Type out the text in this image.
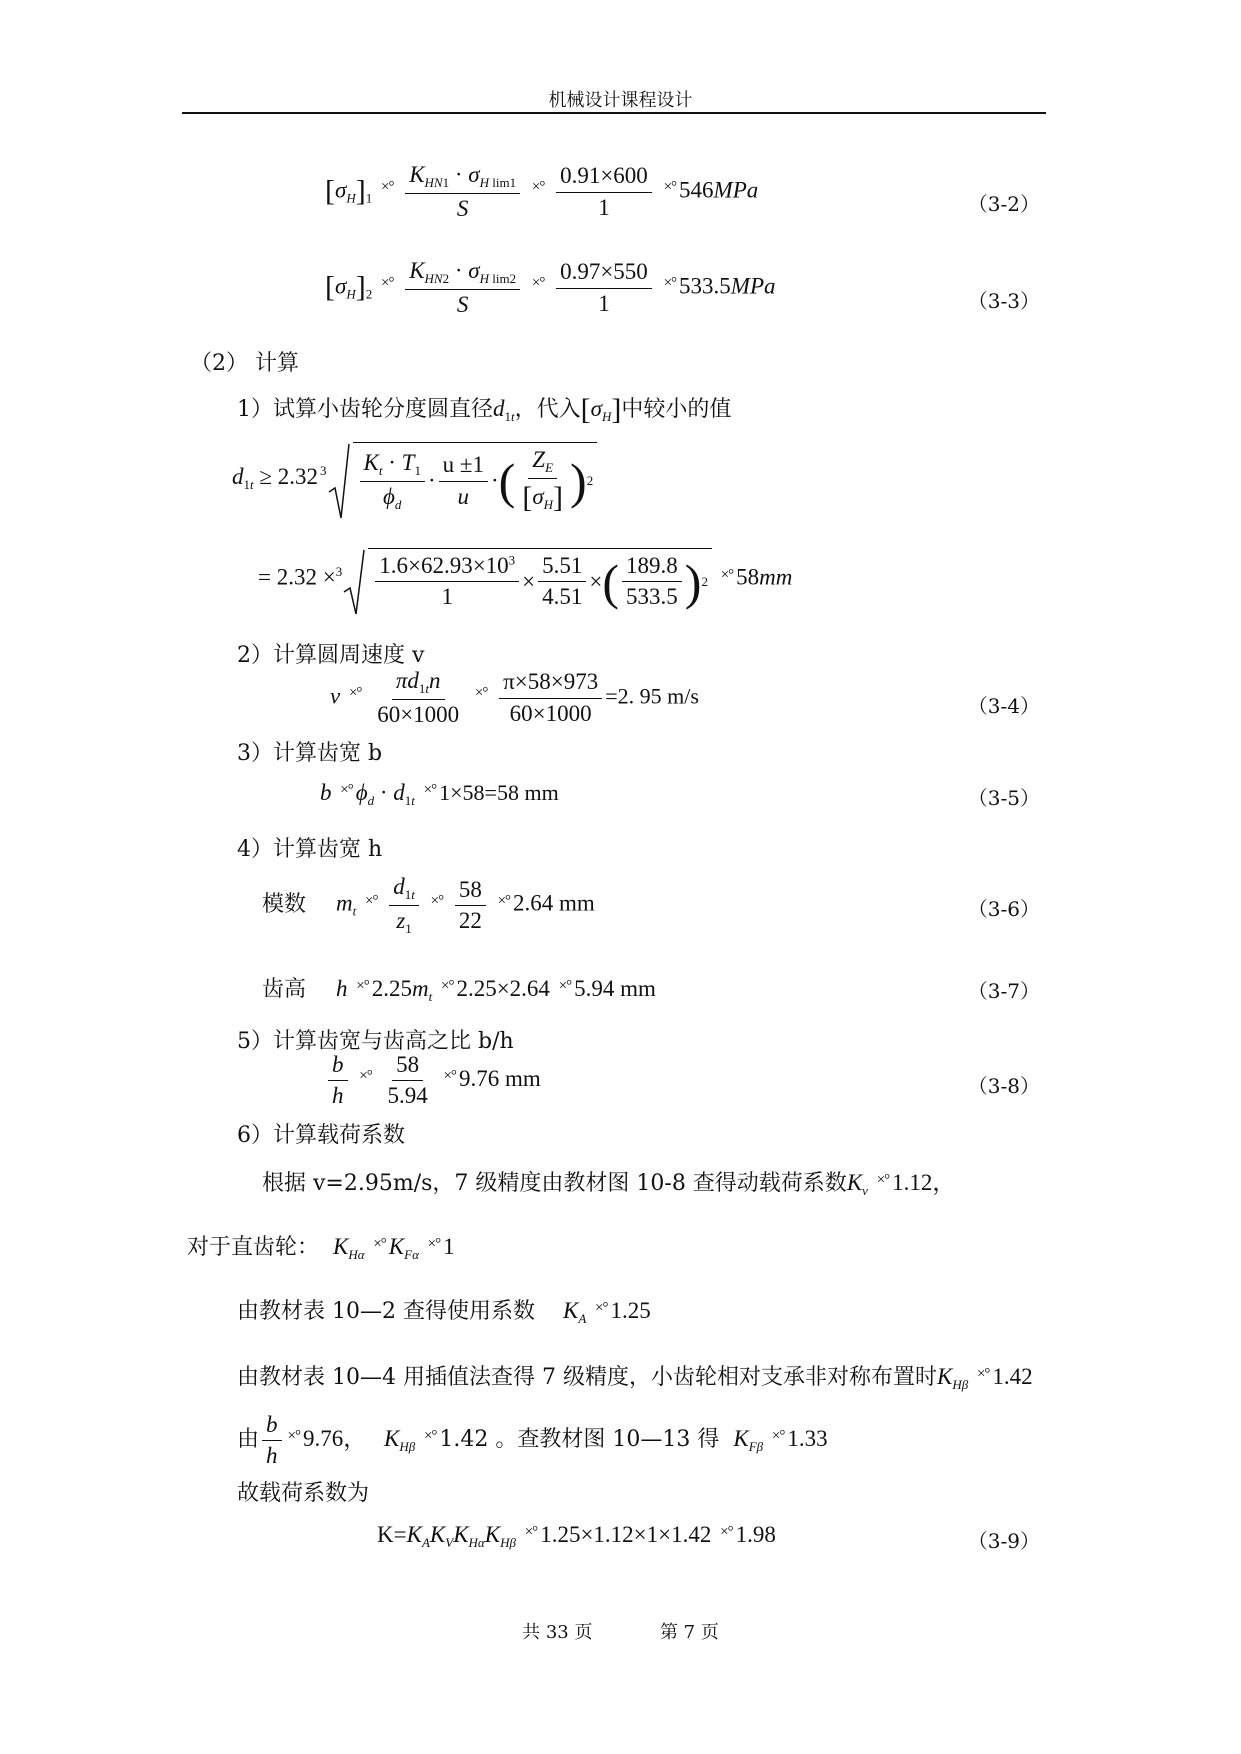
机械设计课程设计
$[\sigma_H]_1$ $^{\times^\circ} \frac{K_{HN1} \cdot \sigma_{H lim1}}{S} ^{\times^\circ} \frac{0.91\times 600}{1} ^{\times^\circ}$ 546MPa
（3-2）
$[\sigma_H]_2$ $^{\times^\circ} \frac{K_{HN2} \cdot \sigma_{H lim2}}{S} ^{\times^\circ} \frac{0.97\times 550}{1} ^{\times^\circ}$ 533.5MPa
（3-3）
（2） 计算
1）试算小齿轮分度圆直径$d_{1t}$，代入$[\sigma_H]$中较小的值
$d_{1t} \ge 2.32$ $^3 \frac{K_t \cdot T_1}{\phi_d} \cdot \frac{u \pm 1}{u}$ · ( $\frac{Z_E}{[\sigma_H]}$ ) 2
= $2.32 \times^3 \frac{1.6\times 62.93\times 10^3}{1} \times \frac{5.51}{4.51}$ × ( $\frac{189.8}{533.5}$ ) 2 ×° 58mm
2）计算圆周速度 v
v $^{\times^\circ} \frac{\pi d_{1t}n}{60\times 1000} ^{\times^\circ} \frac{\pi\times 58\times 973}{60\times 1000} =2$. 95 m/s	（3-4）
3）计算齿宽 b
b ×° $\phi_d \cdot d_{1t}$ ×° 1×58=58 mm	（3-5）
4）计算齿宽 h
模数 $m_t$ $^{\times^\circ} \frac{d_{1t}}{z_1} ^{\times^\circ} \frac{58}{22} ^{\times^\circ}$ 2.64 mm	（3-6）
齿高 h ×° $2.25m_t$ ×° 2.25×2.64 ×° 5.94 mm	（3-7）
5）计算齿宽与齿高之比 b/h
$\frac{b}{h} ^{\times^\circ} \frac{58}{5.94} ^{\times^\circ}$ 9.76 mm	（3-8）
6）计算载荷系数
根据 v=2.95m/s，7 级精度由教材图 10-8 查得动载荷系数$K_v$ ×° 1.12，
对于直齿轮： $K_{H\alpha}$ ×° $K_{F\alpha}$ ×° 1
由教材表 10—2 查得使用系数 $K_A$ ×° 1.25
由教材表 10—4 用插值法查得 7 级精度，小齿轮相对支承非对称布置时$K_{H\beta}$ ×° 1.42
由 $\frac{b}{h} ^{\times^\circ}$ 9.76， $K_{H\beta}$ ×° 1.42 。查教材图 10—13 得 $K_{F\beta}$ ×° 1.33
故载荷系数为
$K=K_AK_VK_{H\alpha}K_{H\beta}$ ×° 1.25×1.12×1×1.42 ×° 1.98	（3-9）
共 33 页	第 7 页
